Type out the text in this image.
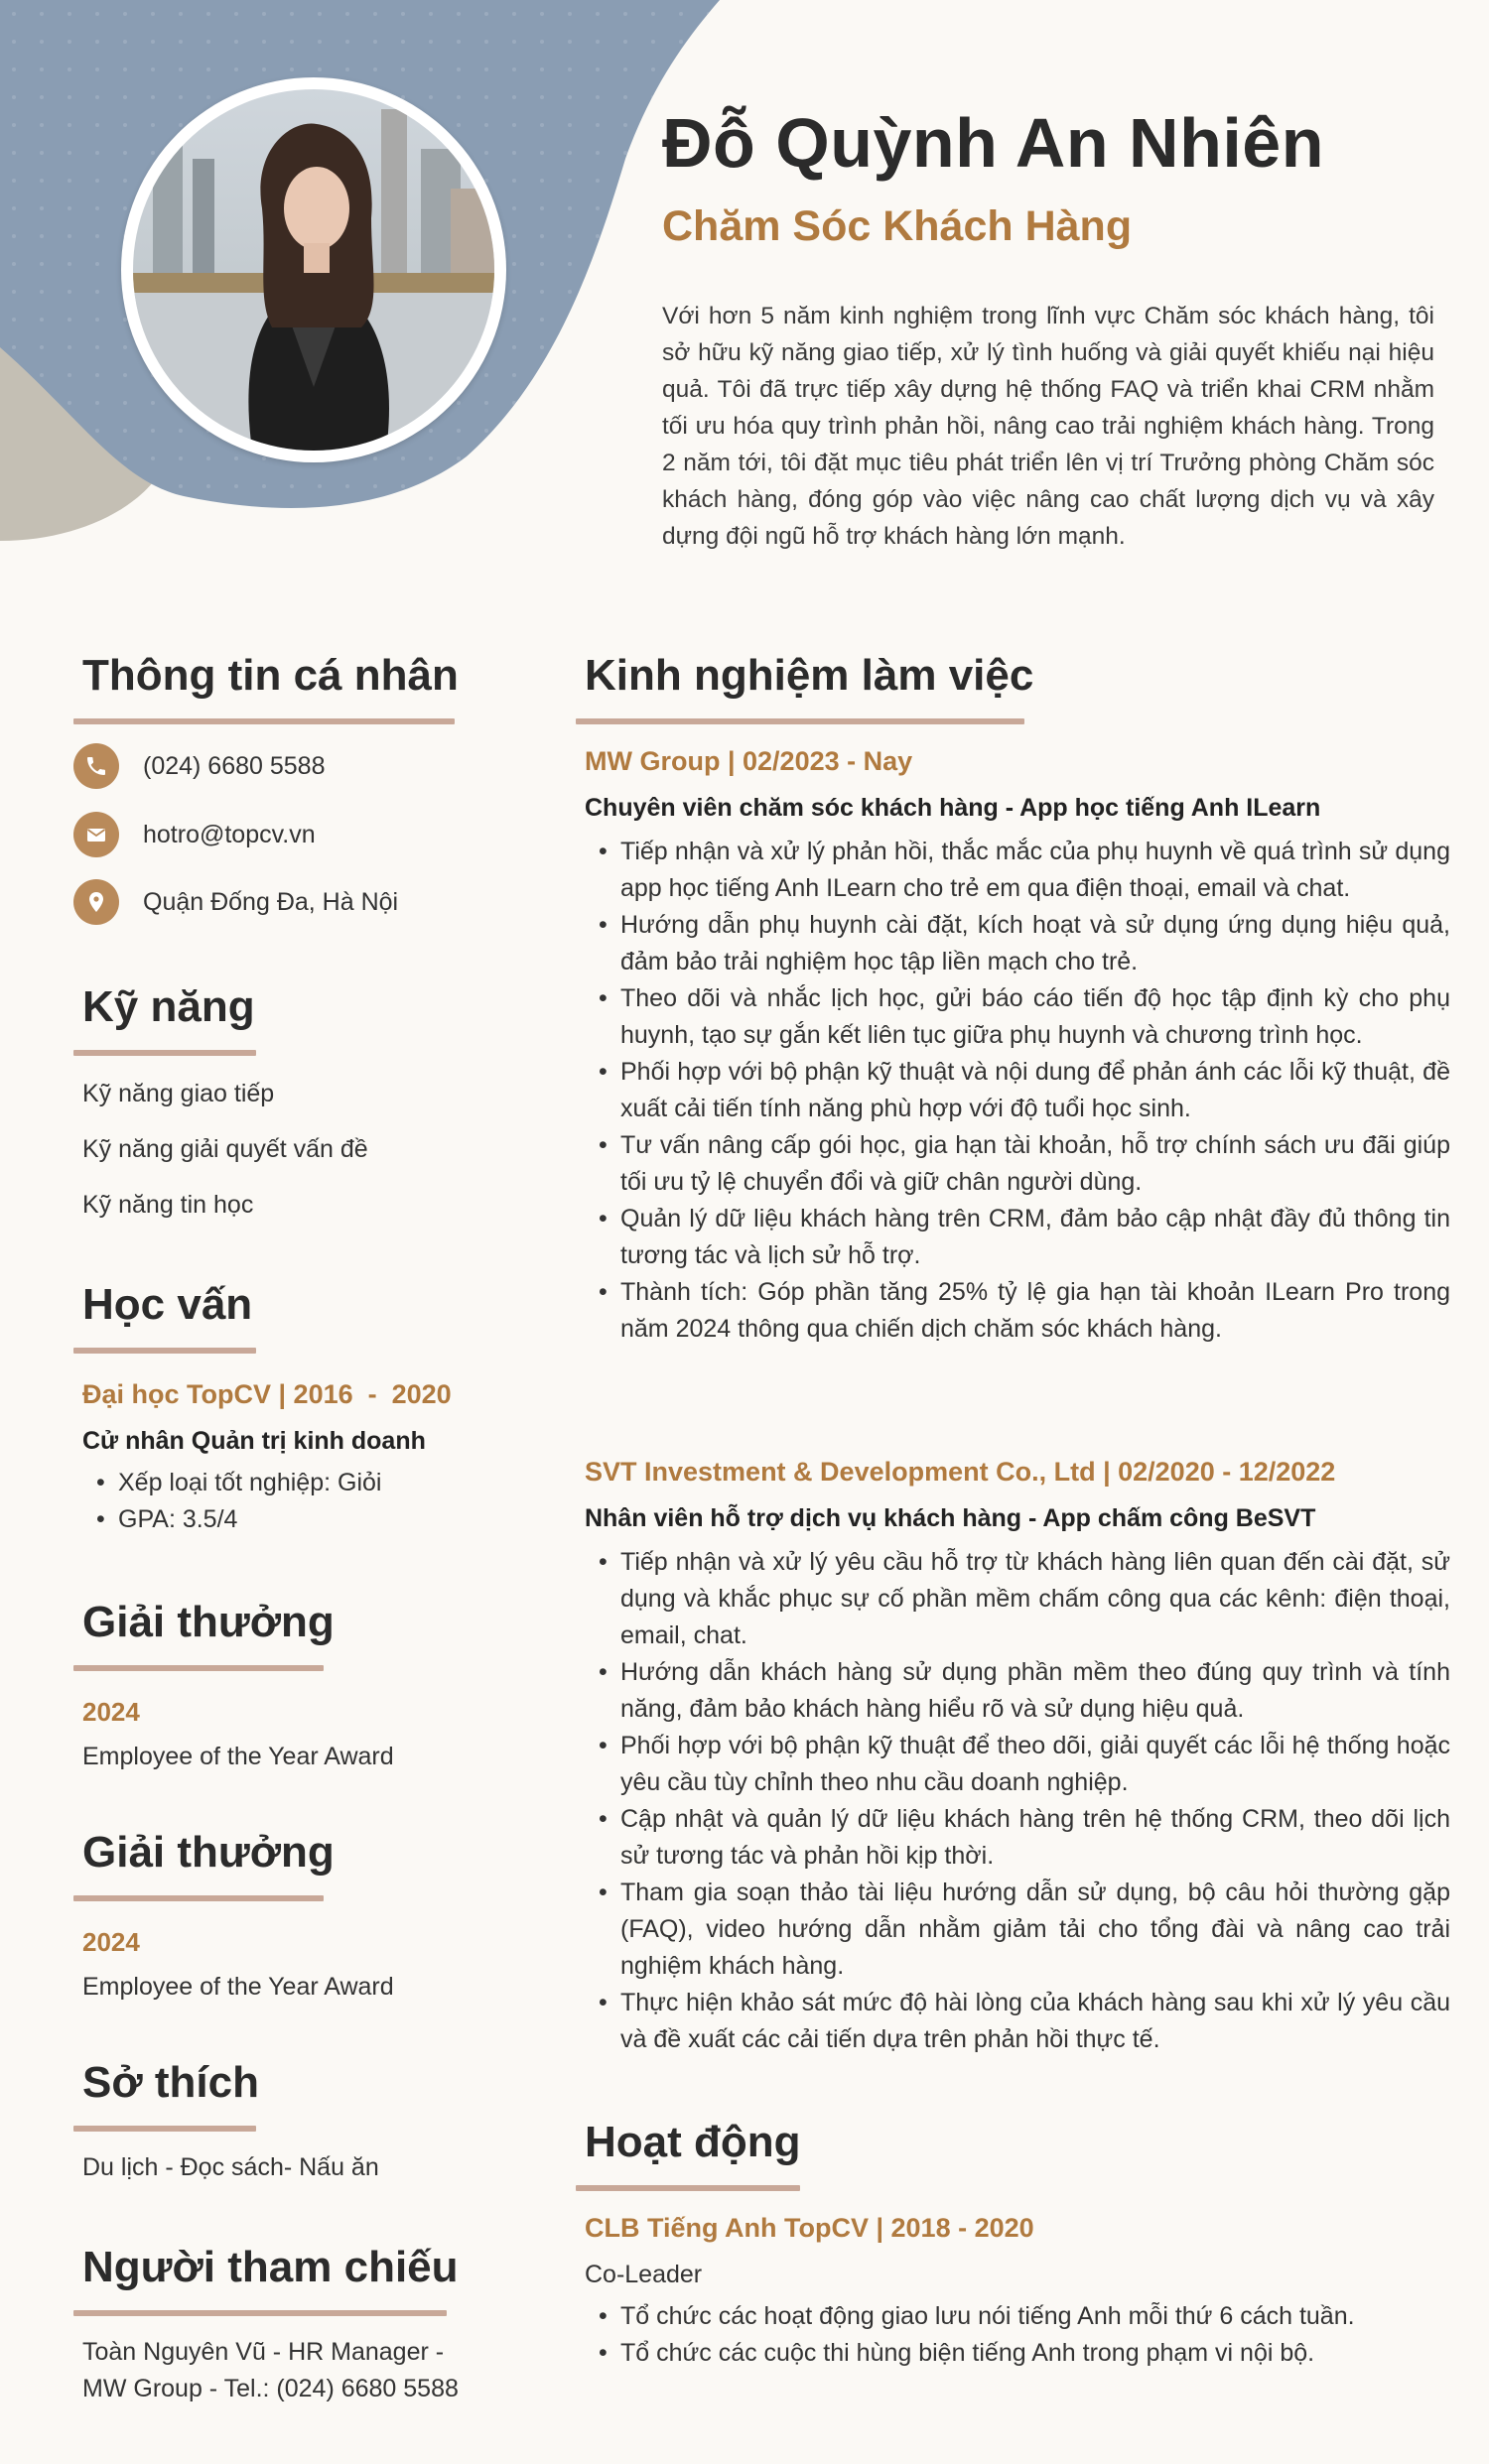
Đỗ Quỳnh An Nhiên
Chăm Sóc Khách Hàng

Với hơn 5 năm kinh nghiệm trong lĩnh vực Chăm sóc khách hàng, tôi sở hữu kỹ năng giao tiếp, xử lý tình huống và giải quyết khiếu nại hiệu quả. Tôi đã trực tiếp xây dựng hệ thống FAQ và triển khai CRM nhằm tối ưu hóa quy trình phản hồi, nâng cao trải nghiệm khách hàng. Trong 2 năm tới, tôi đặt mục tiêu phát triển lên vị trí Trưởng phòng Chăm sóc khách hàng, đóng góp vào việc nâng cao chất lượng dịch vụ và xây dựng đội ngũ hỗ trợ khách hàng lớn mạnh.

Thông tin cá nhân
(024) 6680 5588
hotro@topcv.vn
Quận Đống Đa, Hà Nội
Kỹ năng

Kỹ năng giao tiếp

Kỹ năng giải quyết vấn đề

Kỹ năng tin học

Học vấn

Đại học TopCV | 2016  -  2020

Cử nhân Quản trị kinh doanh

• Xếp loại tốt nghiệp: Giỏi
• GPA: 3.5/4
Giải thưởng

2024

Employee of the Year Award

Giải thưởng

2024

Employee of the Year Award

Sở thích

Du lịch - Đọc sách- Nấu ăn

Người tham chiếu

Toàn Nguyên Vũ - HR Manager -

MW Group - Tel.: (024) 6680 5588

Kinh nghiệm làm việc

MW Group | 02/2023 - Nay

Chuyên viên chăm sóc khách hàng - App học tiếng Anh ILearn

• Tiếp nhận và xử lý phản hồi, thắc mắc của phụ huynh về quá trình sử dụng app học tiếng Anh ILearn cho trẻ em qua điện thoại, email và chat.
• Hướng dẫn phụ huynh cài đặt, kích hoạt và sử dụng ứng dụng hiệu quả, đảm bảo trải nghiệm học tập liền mạch cho trẻ.
• Theo dõi và nhắc lịch học, gửi báo cáo tiến độ học tập định kỳ cho phụ huynh, tạo sự gắn kết liên tục giữa phụ huynh và chương trình học.
• Phối hợp với bộ phận kỹ thuật và nội dung để phản ánh các lỗi kỹ thuật, đề xuất cải tiến tính năng phù hợp với độ tuổi học sinh.
• Tư vấn nâng cấp gói học, gia hạn tài khoản, hỗ trợ chính sách ưu đãi giúp tối ưu tỷ lệ chuyển đổi và giữ chân người dùng.
• Quản lý dữ liệu khách hàng trên CRM, đảm bảo cập nhật đầy đủ thông tin tương tác và lịch sử hỗ trợ.
• Thành tích: Góp phần tăng 25% tỷ lệ gia hạn tài khoản ILearn Pro trong năm 2024 thông qua chiến dịch chăm sóc khách hàng.

SVT Investment & Development Co., Ltd | 02/2020 - 12/2022

Nhân viên hỗ trợ dịch vụ khách hàng - App chấm công BeSVT

• Tiếp nhận và xử lý yêu cầu hỗ trợ từ khách hàng liên quan đến cài đặt, sử dụng và khắc phục sự cố phần mềm chấm công qua các kênh: điện thoại, email, chat.
• Hướng dẫn khách hàng sử dụng phần mềm theo đúng quy trình và tính năng, đảm bảo khách hàng hiểu rõ và sử dụng hiệu quả.
• Phối hợp với bộ phận kỹ thuật để theo dõi, giải quyết các lỗi hệ thống hoặc yêu cầu tùy chỉnh theo nhu cầu doanh nghiệp.
• Cập nhật và quản lý dữ liệu khách hàng trên hệ thống CRM, theo dõi lịch sử tương tác và phản hồi kịp thời.
• Tham gia soạn thảo tài liệu hướng dẫn sử dụng, bộ câu hỏi thường gặp (FAQ), video hướng dẫn nhằm giảm tải cho tổng đài và nâng cao trải nghiệm khách hàng.
• Thực hiện khảo sát mức độ hài lòng của khách hàng sau khi xử lý yêu cầu và đề xuất các cải tiến dựa trên phản hồi thực tế.
Hoạt động

CLB Tiếng Anh TopCV | 2018 - 2020

Co-Leader

• Tổ chức các hoạt động giao lưu nói tiếng Anh mỗi thứ 6 cách tuần.
• Tổ chức các cuộc thi hùng biện tiếng Anh trong phạm vi nội bộ.
